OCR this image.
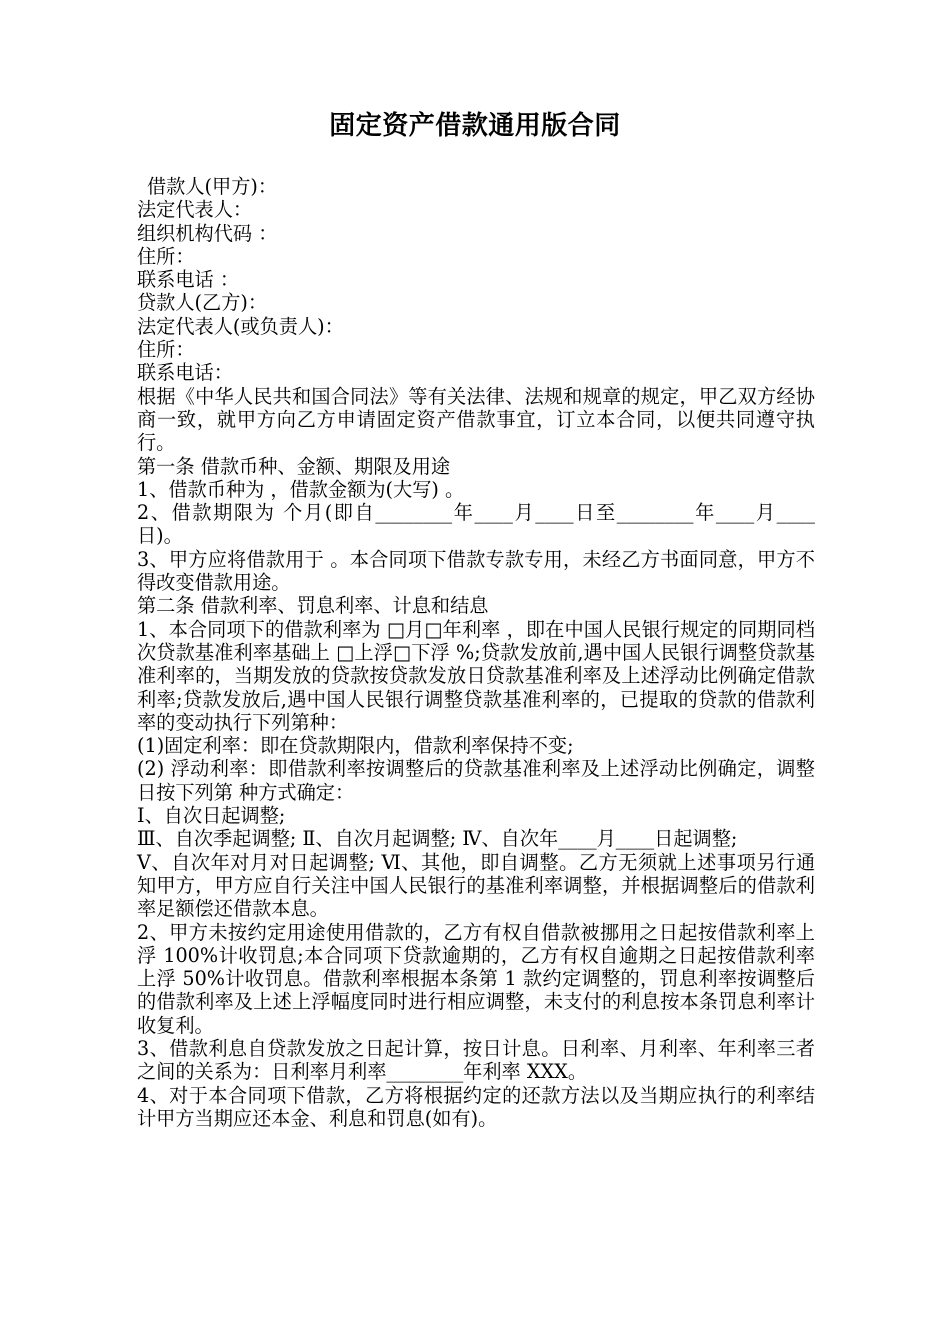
固定资产借款通用版合同

借款人(甲方)：

法定代表人：

组织机构代码 ：

住所：

联系电话 ：

贷款人(乙方)：

法定代表人(或负责人)：

住所：

联系电话：

根据《中华人民共和国合同法》等有关法律、法规和规章的规定，甲乙双方经协商一致，就甲方向乙方申请固定资产借款事宜，订立本合同，以便共同遵守执行。

第一条 借款币种、金额、期限及用途

1、借款币种为 ，借款金额为(大写) 。

2、借款期限为 个月(即自________年____月____日至________年____月____日)。

3、甲方应将借款用于 。本合同项下借款专款专用，未经乙方书面同意，甲方不得改变借款用途。

第二条 借款利率、罚息利率、计息和结息

1、本合同项下的借款利率为 □月□年利率 ，即在中国人民银行规定的同期同档次贷款基准利率基础上 □上浮□下浮 %;贷款发放前,遇中国人民银行调整贷款基准利率的，当期发放的贷款按贷款发放日贷款基准利率及上述浮动比例确定借款利率;贷款发放后,遇中国人民银行调整贷款基准利率的，已提取的贷款的借款利率的变动执行下列第种：

(1)固定利率：即在贷款期限内，借款利率保持不变;

(2) 浮动利率：即借款利率按调整后的贷款基准利率及上述浮动比例确定，调整日按下列第 种方式确定：

Ⅰ、自次日起调整;

Ⅲ、自次季起调整; Ⅱ、自次月起调整; Ⅳ、自次年____月____日起调整;

Ⅴ、自次年对月对日起调整; Ⅵ、其他，即自调整。乙方无须就上述事项另行通知甲方，甲方应自行关注中国人民银行的基准利率调整，并根据调整后的借款利率足额偿还借款本息。

2、甲方未按约定用途使用借款的，乙方有权自借款被挪用之日起按借款利率上浮 100%计收罚息;本合同项下贷款逾期的，乙方有权自逾期之日起按借款利率上浮 50%计收罚息。借款利率根据本条第 1 款约定调整的，罚息利率按调整后的借款利率及上述上浮幅度同时进行相应调整，未支付的利息按本条罚息利率计收复利。

3、借款利息自贷款发放之日起计算，按日计息。日利率、月利率、年利率三者之间的关系为：日利率月利率________年利率 XXX。

4、对于本合同项下借款，乙方将根据约定的还款方法以及当期应执行的利率结计甲方当期应还本金、利息和罚息(如有)。
